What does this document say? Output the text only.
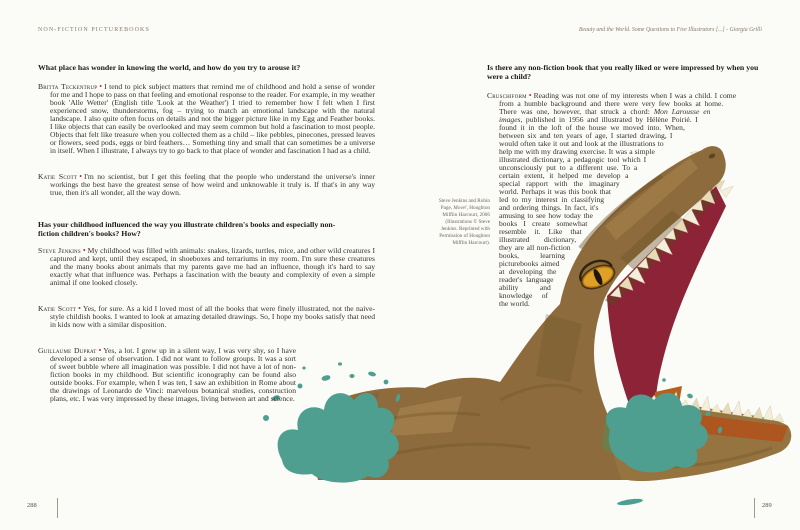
NON-FICTION PICTUREBOOKS	Beauty and the World. Some Questions to Five Illustrators [...] - Giorgia Grilli
What place has wonder in knowing the world, and how do you try to arouse it?

Britta Teckentrup • I tend to pick subject matters that remind me of childhood and hold a sense of wonder for me and I hope to pass on that feeling and emotional response to the reader. For example, in my weather book 'Alle Wetter' (English title 'Look at the Weather') I tried to remember how I felt when I first experienced snow, thunderstorms, fog – trying to match an emotional landscape with the natural landscape. I also quite often focus on details and not the bigger picture like in my Egg and Feather books. I like objects that can easily be overlooked and may seem common but hold a fascination to most people. Objects that felt like treasure when you collected them as a child – like pebbles, pinecones, pressed leaves or flowers, seed pods, eggs or bird feathers… Something tiny and small that can sometimes be a universe in itself. When I illustrate, I always try to go back to that place of wonder and fascination I had as a child.

Katie Scott • I'm no scientist, but I get this feeling that the people who understand the universe's inner workings the best have the greatest sense of how weird and unknowable it truly is. If that's in any way true, then it's all wonder, all the way down.

Has your childhood influenced the way you illustrate children's books and especially non-fiction children's books? How?

Steve Jenkins • My childhood was filled with animals: snakes, lizards, turtles, mice, and other wild creatures I captured and kept, until they escaped, in shoeboxes and terrariums in my room. I'm sure these creatures and the many books about animals that my parents gave me had an influence, though it's hard to say exactly what that influence was. Perhaps a fascination with the beauty and complexity of even a simple animal if one looked closely.

Katie Scott • Yes, for sure. As a kid I loved most of all the books that were finely illustrated, not the naive-style childish books. I wanted to look at amazing detailed drawings. So, I hope my books satisfy that need in kids now with a similar disposition.

Guillaume Duprat • Yes, a lot. I grew up in a silent way, I was very shy, so I have developed a sense of observation. I did not want to follow groups. It was a sort of sweet bubble where all imagination was possible. I did not have a lot of non-fiction books in my childhood. But scientific iconography can be found also outside books. For example, when I was ten, I saw an exhibition in Rome about the drawings of Leonardo de Vinci: marvelous botanical studies, construction plans, etc. I was very impressed by these images, living between art and science.

Is there any non-fiction book that you really liked or were impressed by when you were a child?

Cruschiform • Reading was not one of my interests when I was a child. I come from a humble background and there were very few books at home. There was one, however, that struck a chord: Mon Larousse en images, published in 1956 and illustrated by Hélène Poirié. I found it in the loft of the house we moved into. When, between six and ten years of age, I started drawing, I would often take it out and look at the illustrations to help me with my drawing exercise. It was a simple illustrated dictionary, a pedagogic tool which I unconsciously put to a different use. To a certain extent, it helped me develop a special rapport with the imaginary world. Perhaps it was this book that led to my interest in classifying and ordering things. In fact, it's amusing to see how today the books I create somewhat resemble it. Like that illustrated dictionary, they are all non-fiction books, learning picturebooks aimed at developing the reader's language ability and knowledge of the world.

Steve Jenkins and Robin Page, Move!, Houghton Mifflin Harcourt, 2006 (Illustrations © Steve Jenkins. Reprinted with Permission of Houghton Mifflin Harcourt).
288	289
